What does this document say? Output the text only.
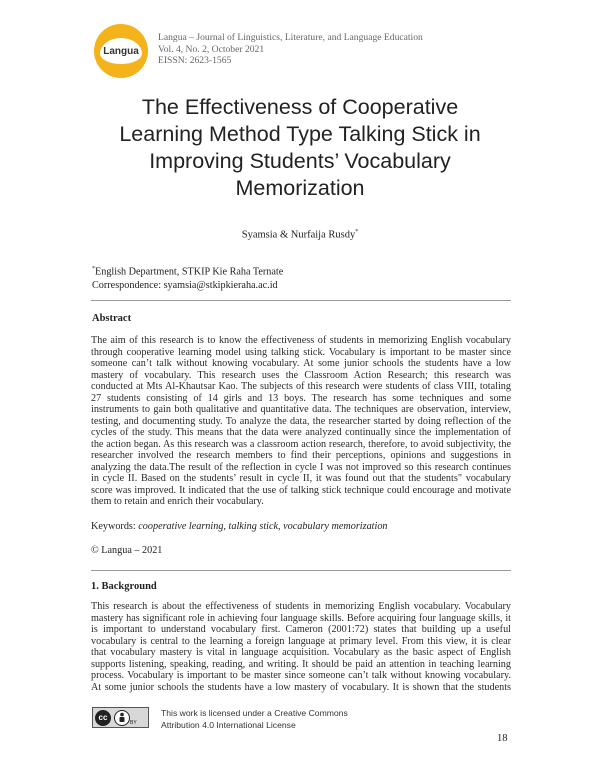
Langua
Langua – Journal of Linguistics, Literature, and Language Education
Vol. 4, No. 2, October 2021
EISSN: 2623-1565
The Effectiveness of Cooperative
Learning Method Type Talking Stick in
Improving Students’ Vocabulary
Memorization
Syamsia & Nurfaija Rusdy*
*English Department, STKIP Kie Raha Ternate
Correspondence: syamsia@stkipkieraha.ac.id
Abstract
The aim of this research is to know the effectiveness of students in memorizing English vocabulary
through cooperative learning model using talking stick. Vocabulary is important to be master since
someone can’t talk without knowing vocabulary. At some junior schools the students have a low
mastery of vocabulary. This research uses the Classroom Action Research; this research was
conducted at Mts Al-Khautsar Kao. The subjects of this research were students of class VIII, totaling
27 students consisting of 14 girls and 13 boys. The research has some techniques and some
instruments to gain both qualitative and quantitative data. The techniques are observation, interview,
testing, and documenting study. To analyze the data, the researcher started by doing reflection of the
cycles of the study. This means that the data were analyzed continually since the implementation of
the action began. As this research was a classroom action research, therefore, to avoid subjectivity, the
researcher involved the research members to find their perceptions, opinions and suggestions in
analyzing the data.The result of the reflection in cycle I was not improved so this research continues
in cycle II. Based on the students’ result in cycle II, it was found out that the students" vocabulary
score was improved. It indicated that the use of talking stick technique could encourage and motivate
them to retain and enrich their vocabulary.
Keywords: cooperative learning, talking stick, vocabulary memorization
© Langua – 2021
1. Background
This research is about the effectiveness of students in memorizing English vocabulary. Vocabulary
mastery has significant role in achieving four language skills. Before acquiring four language skills, it
is important to understand vocabulary first. Cameron (2001:72) states that building up a useful
vocabulary is central to the learning a foreign language at primary level. From this view, it is clear
that vocabulary mastery is vital in language acquisition. Vocabulary as the basic aspect of English
supports listening, speaking, reading, and writing. It should be paid an attention in teaching learning
process. Vocabulary is important to be master since someone can’t talk without knowing vocabulary.
At some junior schools the students have a low mastery of vocabulary. It is shown that the students
cc
BY
This work is licensed under a Creative Commons
Attribution 4.0 International License
18
